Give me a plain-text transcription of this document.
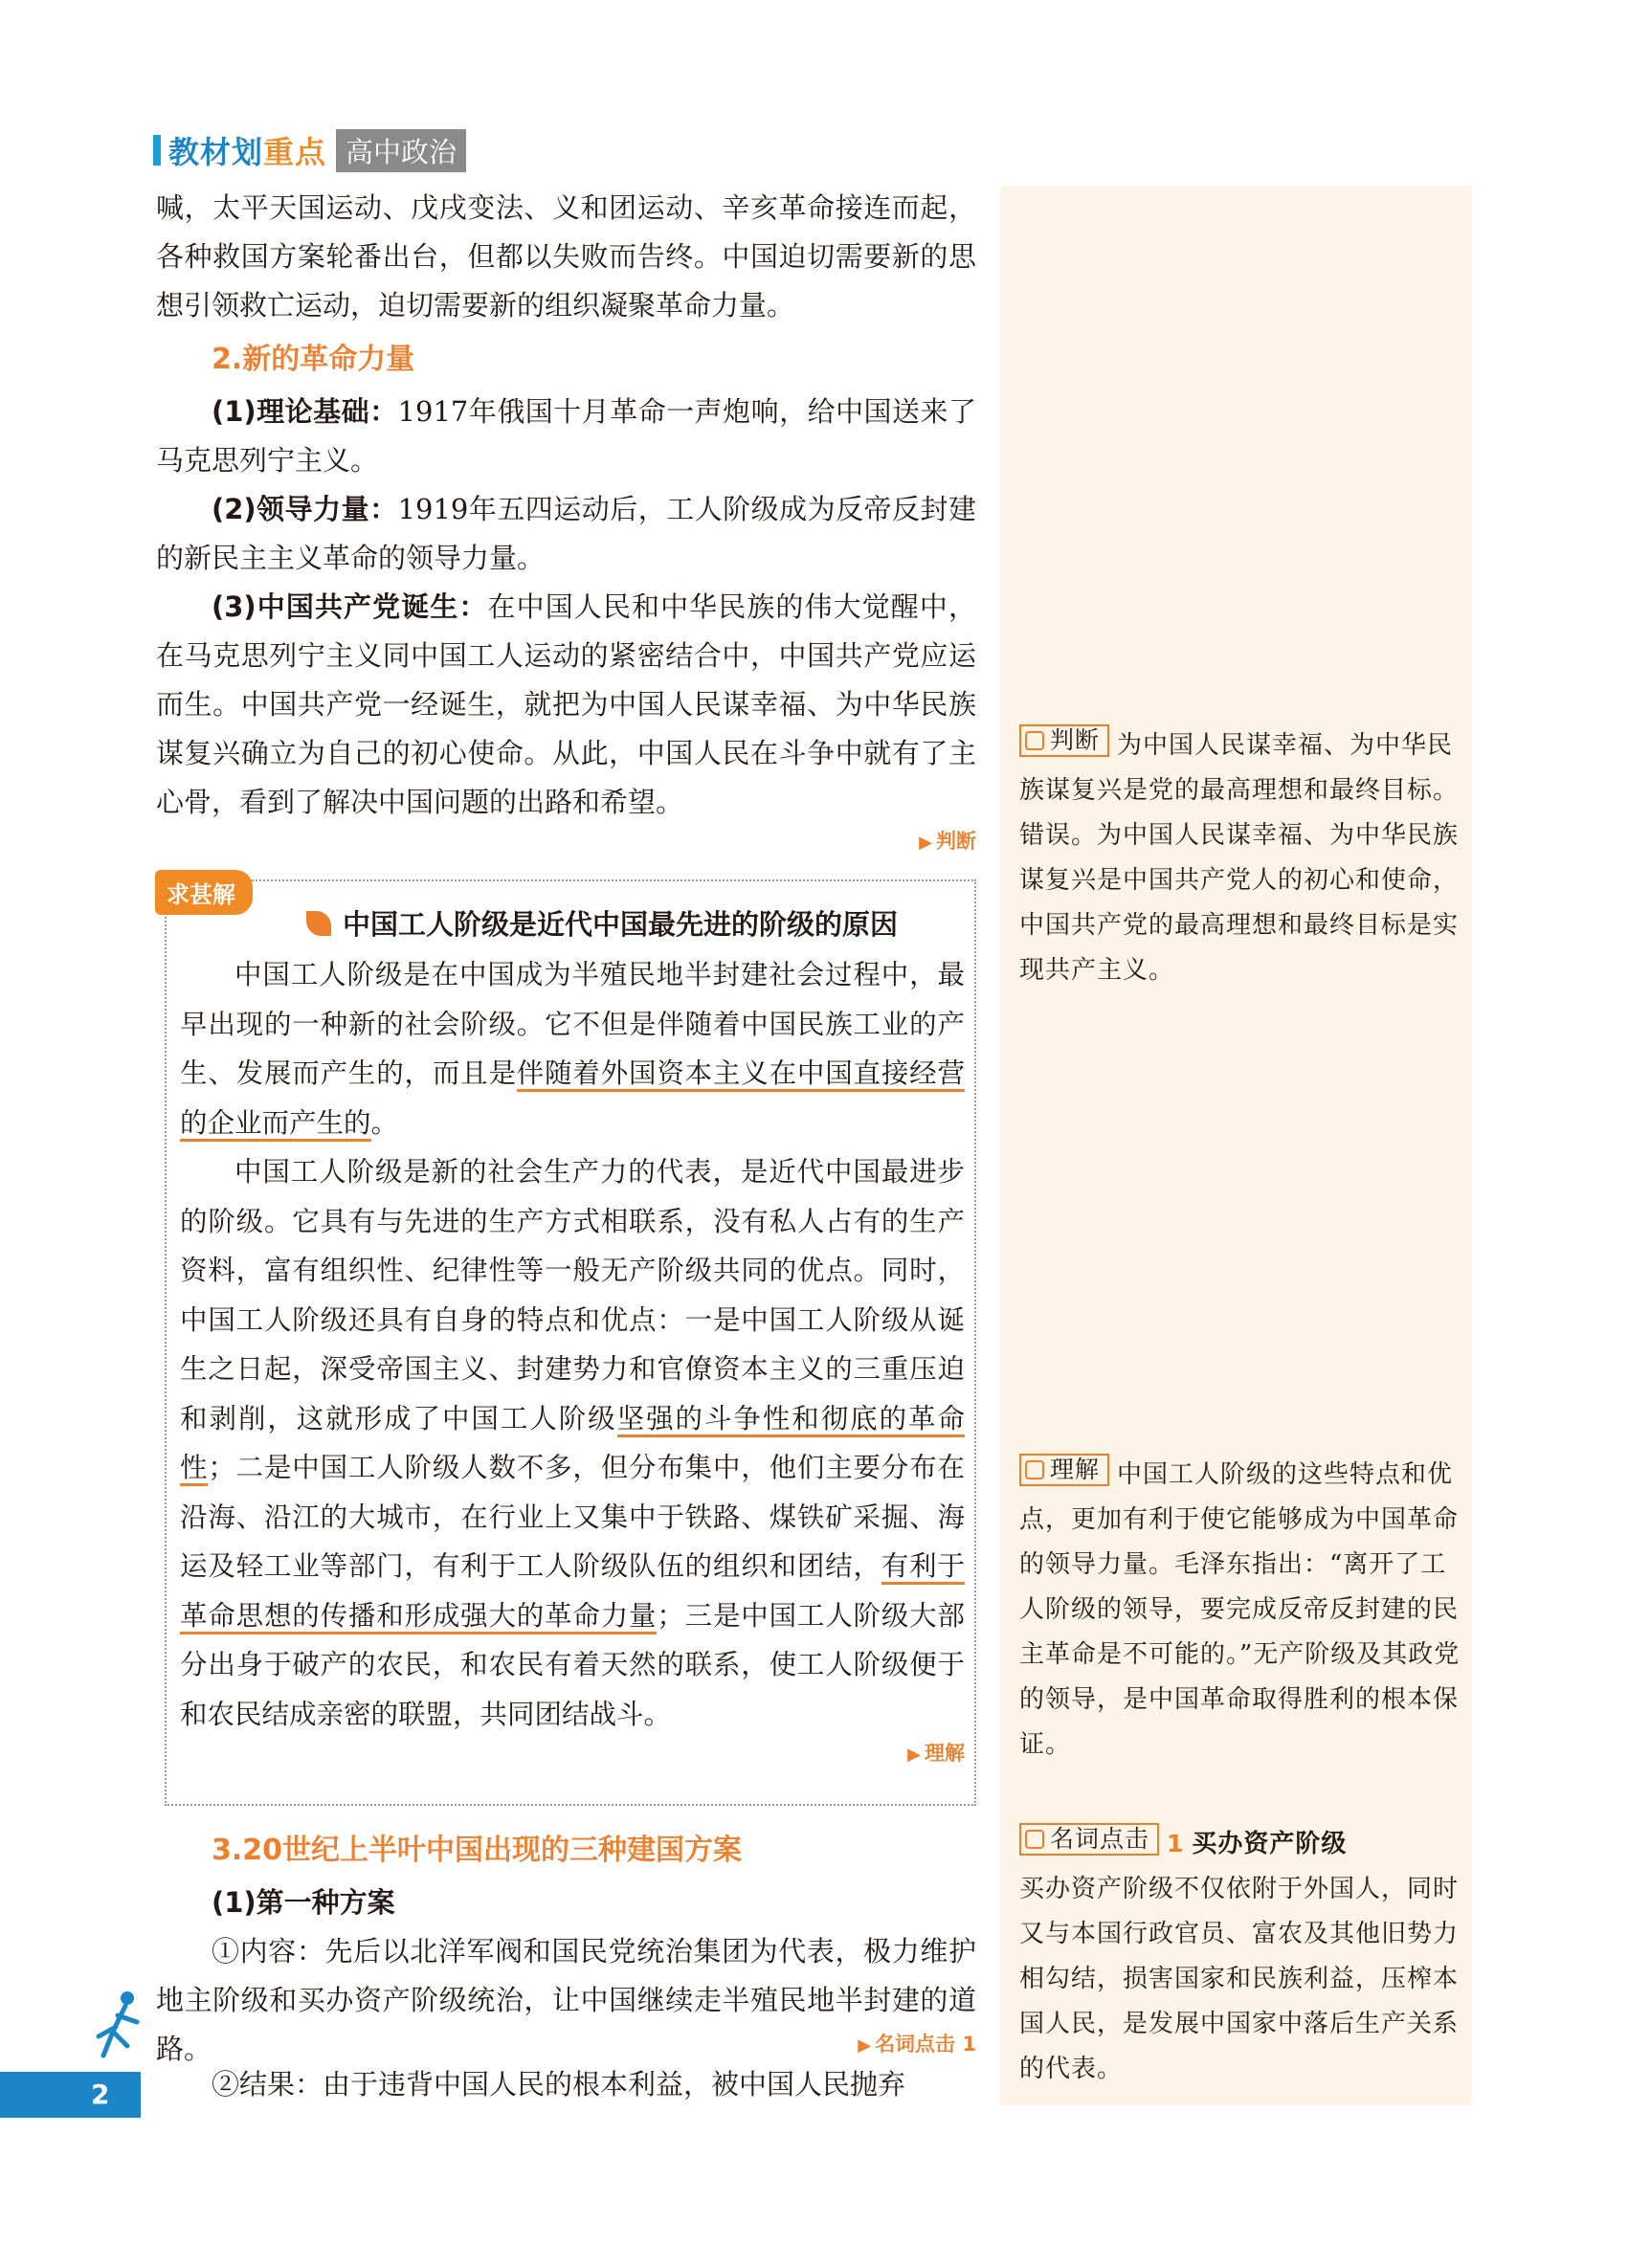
教材划重点 高中政治

喊，太平天国运动、戊戌变法、义和团运动、辛亥革命接连而起，各种救国方案轮番出台，但都以失败而告终。中国迫切需要新的思想引领救亡运动，迫切需要新的组织凝聚革命力量。

2.新的革命力量

(1)理论基础：1917年俄国十月革命一声炮响，给中国送来了马克思列宁主义。

(2)领导力量：1919年五四运动后，工人阶级成为反帝反封建的新民主主义革命的领导力量。

(3)中国共产党诞生：在中国人民和中华民族的伟大觉醒中，在马克思列宁主义同中国工人运动的紧密结合中，中国共产党应运而生。中国共产党一经诞生，就把为中国人民谋幸福、为中华民族谋复兴确立为自己的初心使命。从此，中国人民在斗争中就有了主心骨，看到了解决中国问题的出路和希望。

▶ 判断
求甚解
中国工人阶级是近代中国最先进的阶级的原因

中国工人阶级是在中国成为半殖民地半封建社会过程中，最早出现的一种新的社会阶级。它不但是伴随着中国民族工业的产生、发展而产生的，而且是伴随着外国资本主义在中国直接经营的企业而产生的。

中国工人阶级是新的社会生产力的代表，是近代中国最进步的阶级。它具有与先进的生产方式相联系，没有私人占有的生产资料，富有组织性、纪律性等一般无产阶级共同的优点。同时，中国工人阶级还具有自身的特点和优点：一是中国工人阶级从诞生之日起，深受帝国主义、封建势力和官僚资本主义的三重压迫和剥削，这就形成了中国工人阶级坚强的斗争性和彻底的革命性；二是中国工人阶级人数不多，但分布集中，他们主要分布在沿海、沿江的大城市，在行业上又集中于铁路、煤铁矿采掘、海运及轻工业等部门，有利于工人阶级队伍的组织和团结，有利于革命思想的传播和形成强大的革命力量；三是中国工人阶级大部分出身于破产的农民，和农民有着天然的联系，使工人阶级便于和农民结成亲密的联盟，共同团结战斗。

▶ 理解
3.20世纪上半叶中国出现的三种建国方案

(1)第一种方案

①内容：先后以北洋军阀和国民党统治集团为代表，极力维护地主阶级和买办资产阶级统治，让中国继续走半殖民地半封建的道路。	▶ 名词点击 1

②结果：由于违背中国人民的根本利益，被中国人民抛弃

判断 为中国人民谋幸福、为中华民族谋复兴是党的最高理想和最终目标。
错误。为中国人民谋幸福、为中华民族谋复兴是中国共产党人的初心和使命，中国共产党的最高理想和最终目标是实现共产主义。
理解 中国工人阶级的这些特点和优点，更加有利于使它能够成为中国革命的领导力量。毛泽东指出：“离开了工人阶级的领导，要完成反帝反封建的民主革命是不可能的。”无产阶级及其政党的领导，是中国革命取得胜利的根本保证。
名词点击 1 买办资产阶级
买办资产阶级不仅依附于外国人，同时又与本国行政官员、富农及其他旧势力相勾结，损害国家和民族利益，压榨本国人民，是发展中国家中落后生产关系的代表。
2
